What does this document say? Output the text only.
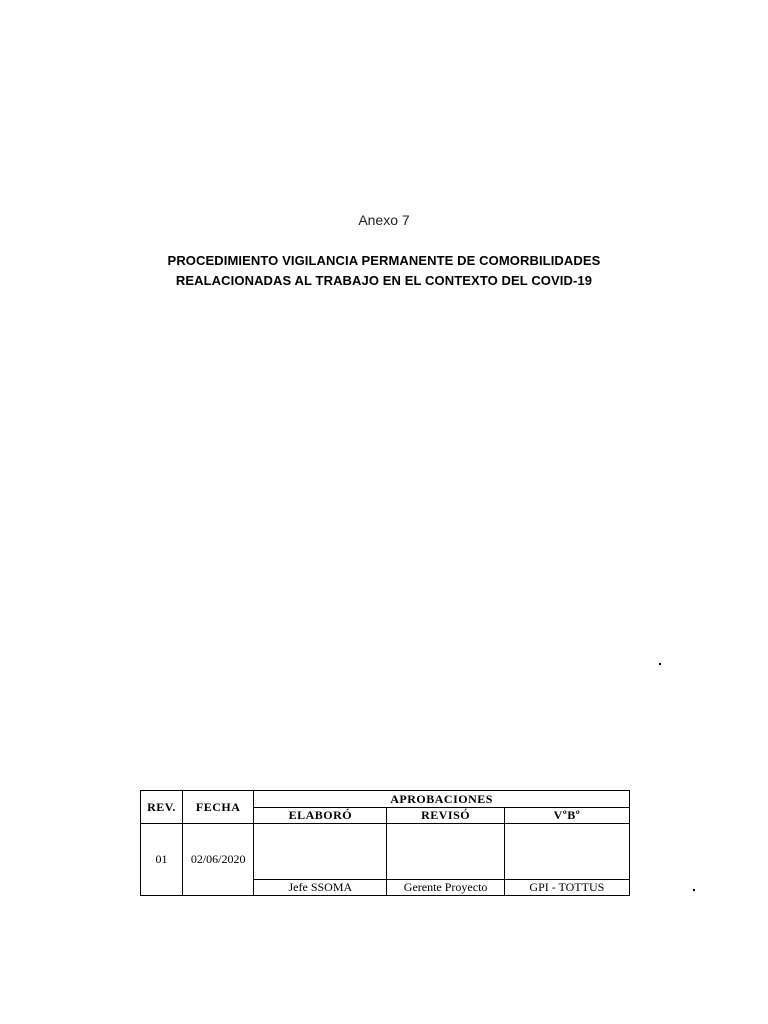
Anexo 7
PROCEDIMIENTO VIGILANCIA PERMANENTE DE COMORBILIDADES
REALACIONADAS AL TRABAJO EN EL CONTEXTO DEL COVID-19
REV.	FECHA	APROBACIONES		
		ELABORÓ	REVISÓ	VºBº
01	02/06/2020			
		Jefe SSOMA	Gerente Proyecto	GPI - TOTTUS
